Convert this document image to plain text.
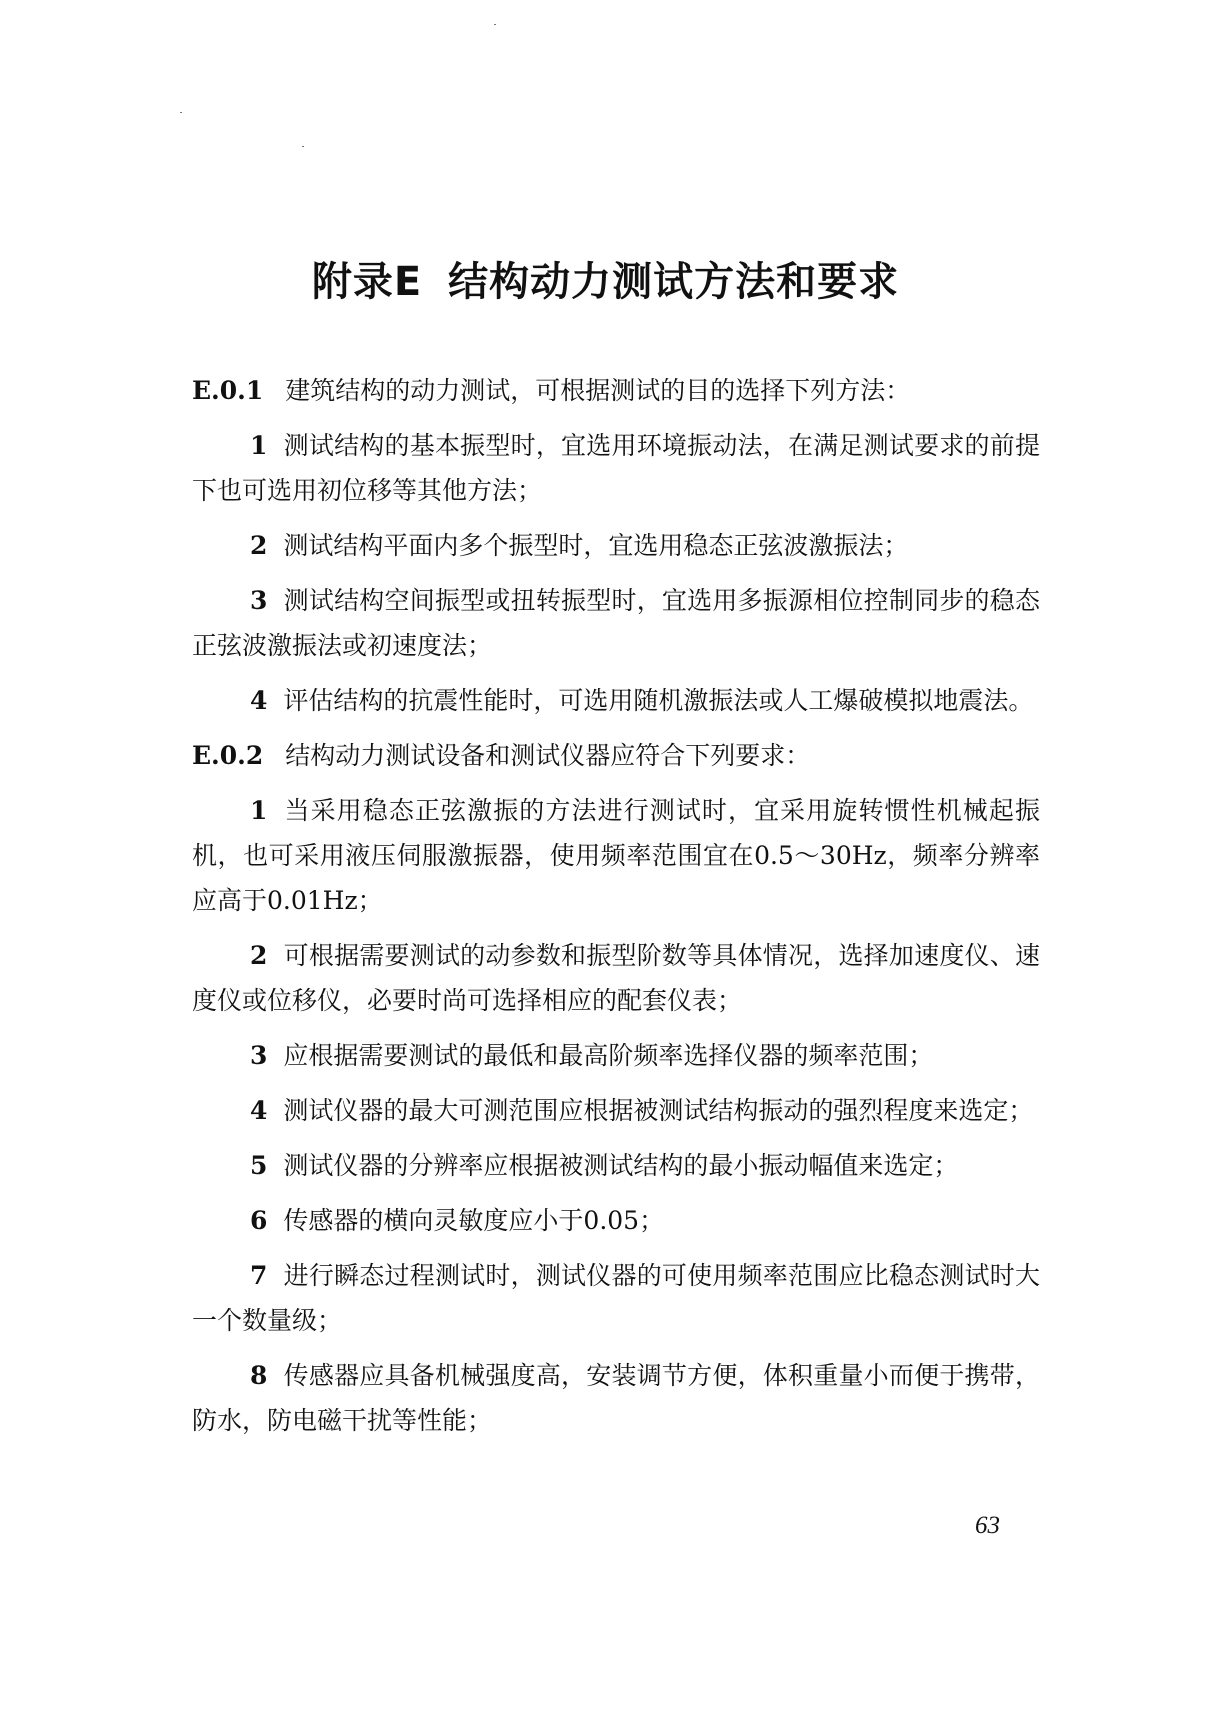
附录E 结构动力测试方法和要求

E.0.1 建筑结构的动力测试，可根据测试的目的选择下列方法：

1 测试结构的基本振型时，宜选用环境振动法，在满足测试要求的前提下也可选用初位移等其他方法；

2 测试结构平面内多个振型时，宜选用稳态正弦波激振法；

3 测试结构空间振型或扭转振型时，宜选用多振源相位控制同步的稳态正弦波激振法或初速度法；

4 评估结构的抗震性能时，可选用随机激振法或人工爆破模拟地震法。

E.0.2 结构动力测试设备和测试仪器应符合下列要求：

1 当采用稳态正弦激振的方法进行测试时，宜采用旋转惯性机械起振机，也可采用液压伺服激振器，使用频率范围宜在0.5～30Hz，频率分辨率应高于0.01Hz；

2 可根据需要测试的动参数和振型阶数等具体情况，选择加速度仪、速度仪或位移仪，必要时尚可选择相应的配套仪表；

3 应根据需要测试的最低和最高阶频率选择仪器的频率范围；

4 测试仪器的最大可测范围应根据被测试结构振动的强烈程度来选定；

5 测试仪器的分辨率应根据被测试结构的最小振动幅值来选定；

6 传感器的横向灵敏度应小于0.05；

7 进行瞬态过程测试时，测试仪器的可使用频率范围应比稳态测试时大一个数量级；

8 传感器应具备机械强度高，安装调节方便，体积重量小而便于携带，防水，防电磁干扰等性能；

63
